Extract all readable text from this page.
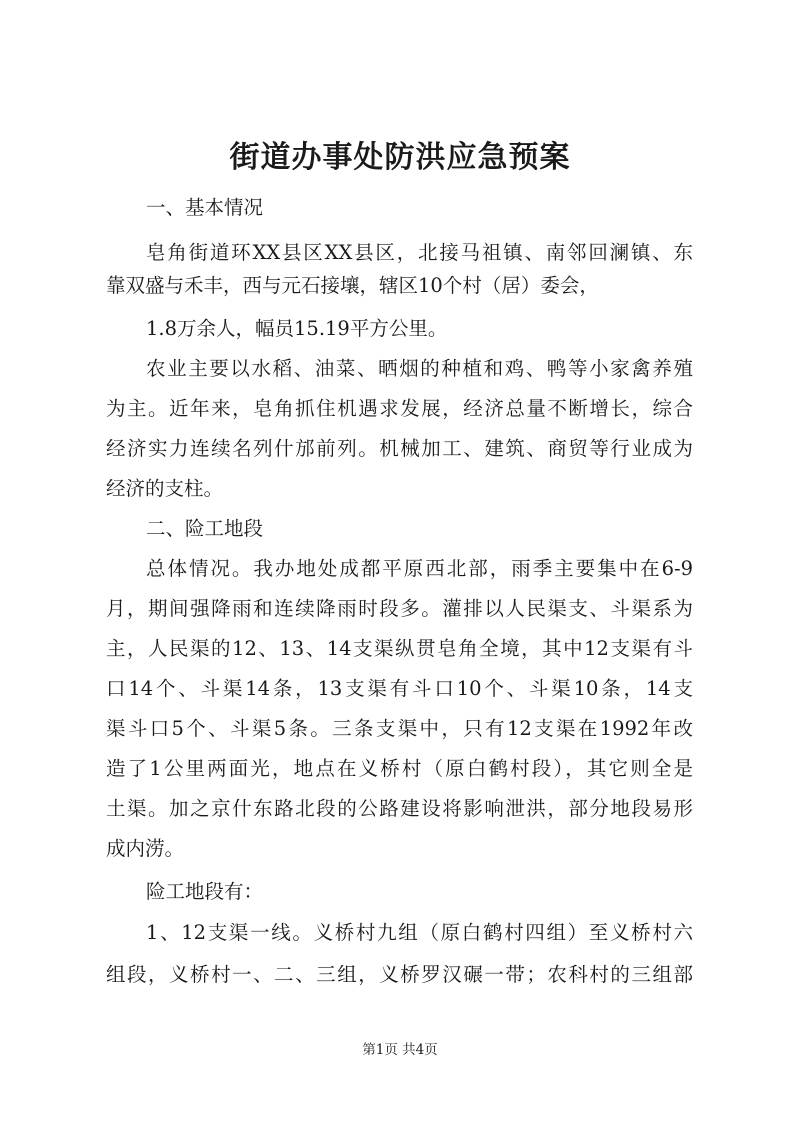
街道办事处防洪应急预案
一、基本情况
皂角街道环XX县区XX县区，北接马祖镇、南邻回澜镇、东
靠双盛与禾丰，西与元石接壤，辖区10个村（居）委会，
1.8万余人，幅员15.19平方公里。
农业主要以水稻、油菜、晒烟的种植和鸡、鸭等小家禽养殖
为主。近年来，皂角抓住机遇求发展，经济总量不断增长，综合
经济实力连续名列什邡前列。机械加工、建筑、商贸等行业成为
经济的支柱。
二、险工地段
总体情况。我办地处成都平原西北部，雨季主要集中在6-9
月，期间强降雨和连续降雨时段多。灌排以人民渠支、斗渠系为
主，人民渠的12、13、14支渠纵贯皂角全境，其中12支渠有斗
口14个、斗渠14条，13支渠有斗口10个、斗渠10条，14支
渠斗口5个、斗渠5条。三条支渠中，只有12支渠在1992年改
造了1公里两面光，地点在义桥村（原白鹤村段），其它则全是
土渠。加之京什东路北段的公路建设将影响泄洪，部分地段易形
成内涝。
险工地段有：
1、12支渠一线。义桥村九组（原白鹤村四组）至义桥村六
组段，义桥村一、二、三组，义桥罗汉碾一带；农科村的三组部
第1页 共4页
